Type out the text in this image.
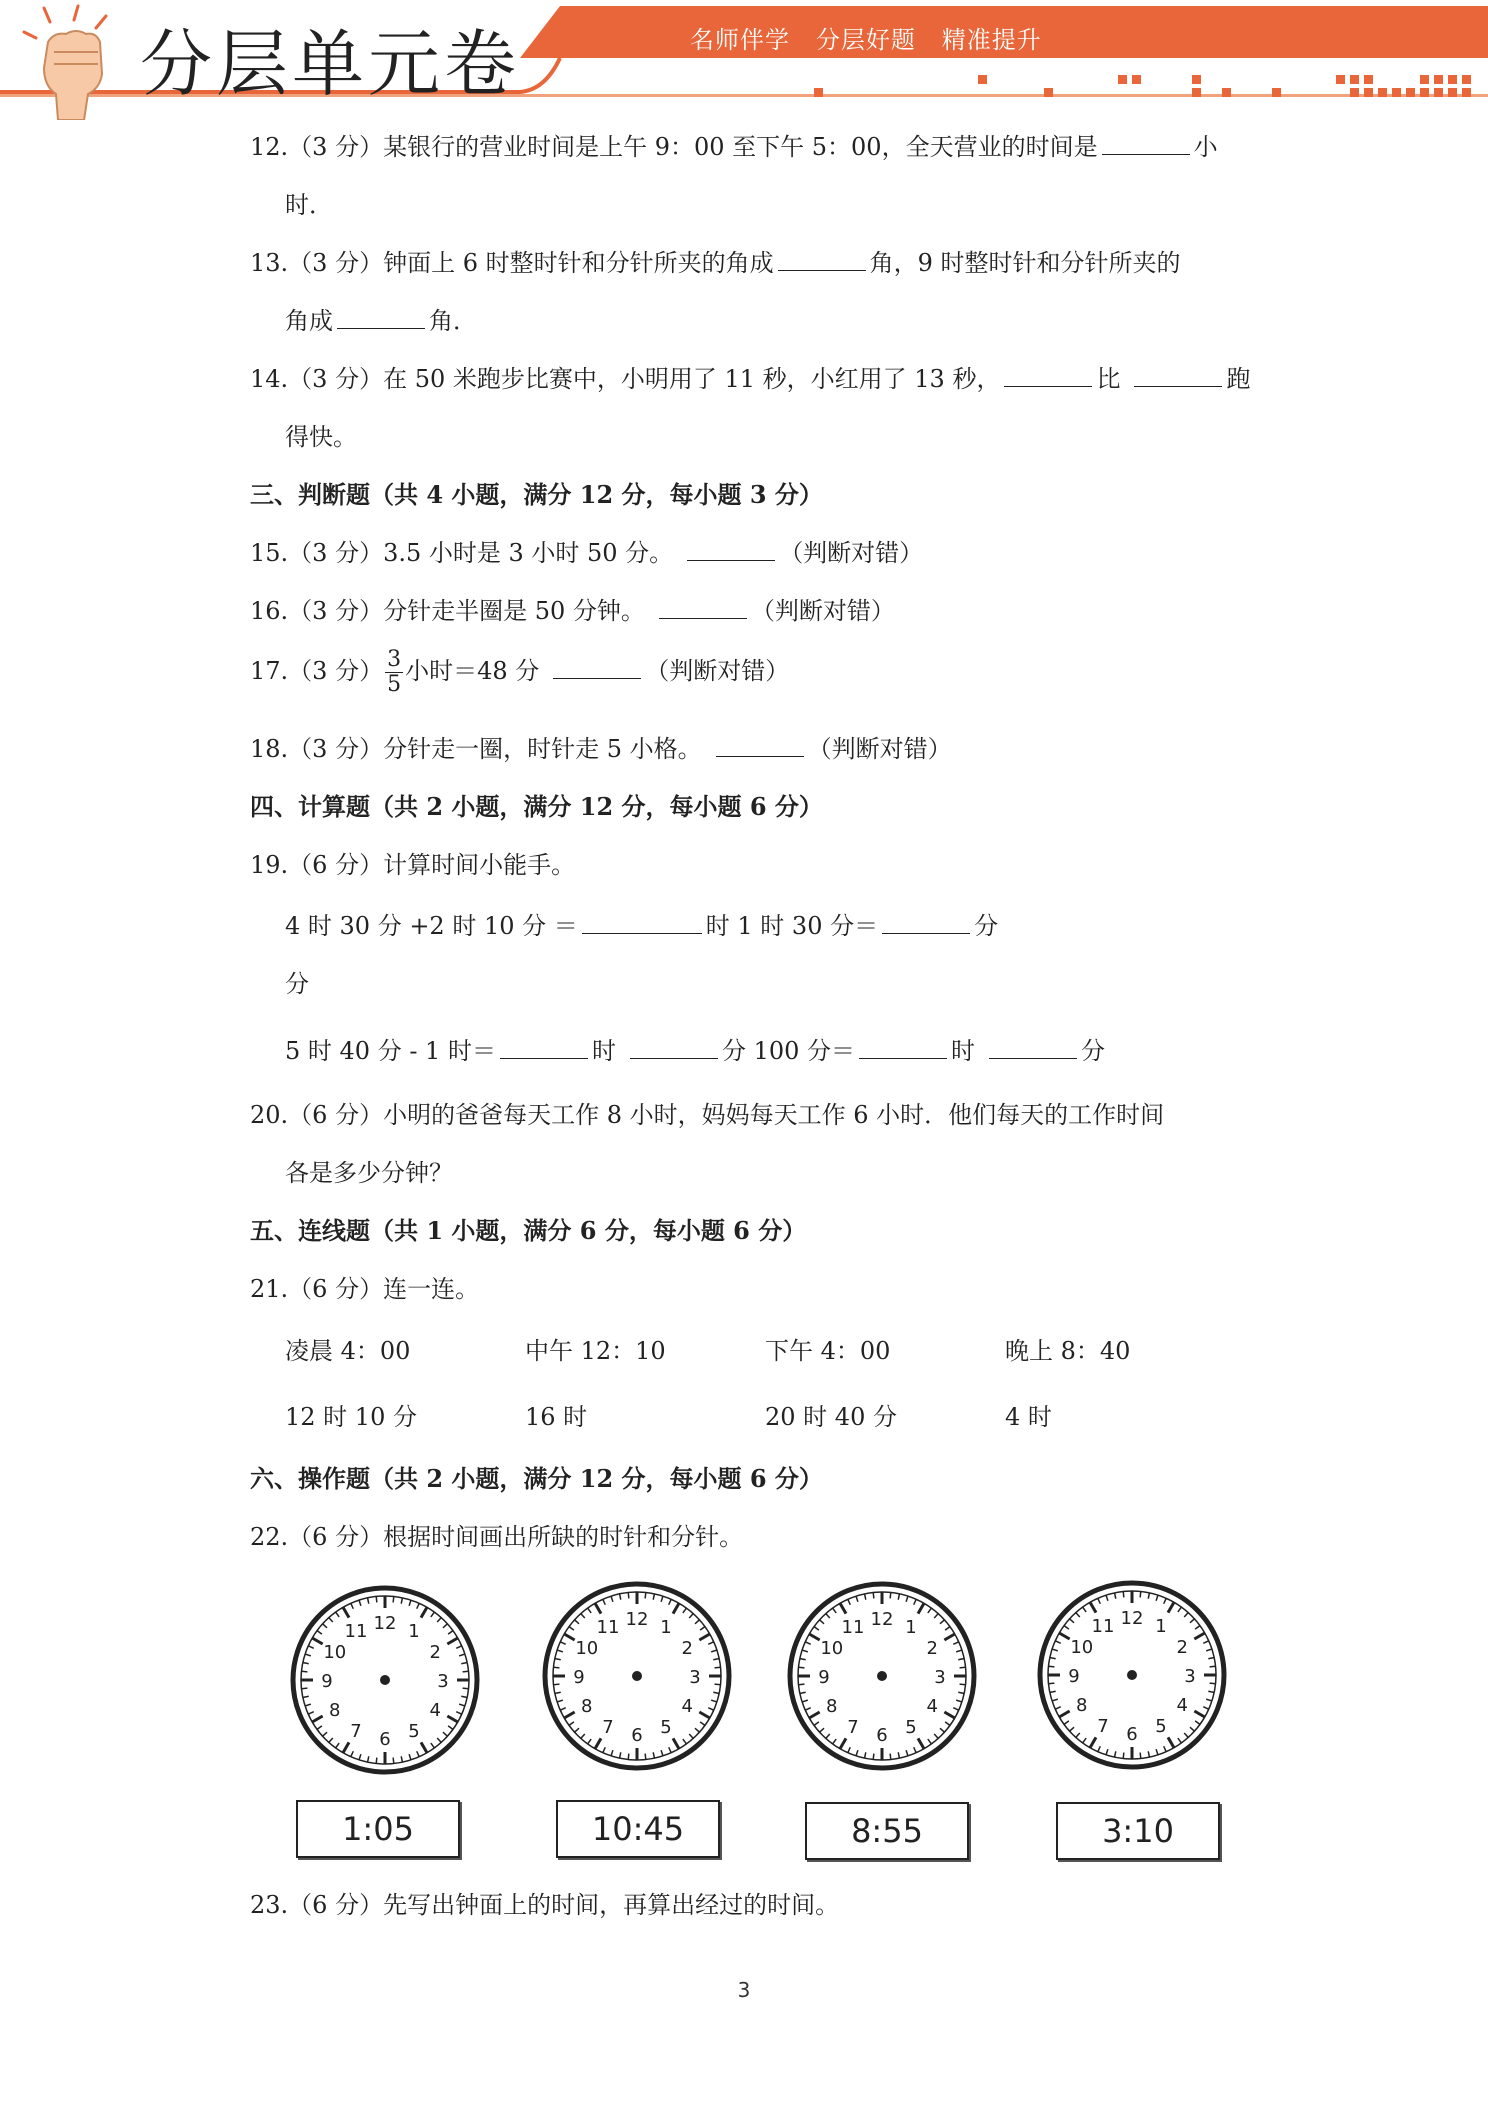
分层单元卷	名师伴学   分层好题   精准提升
12.（3 分）某银行的营业时间是上午 9：00 至下午 5：00，全天营业的时间是	小
时．
13.（3 分）钟面上 6 时整时针和分针所夹的角成	角，9 时整时针和分针所夹的
角成	角．
14.（3 分）在 50 米跑步比赛中，小明用了 11 秒，小红用了 13 秒，	比	跑
得快。
三、判断题（共 4 小题，满分 12 分，每小题 3 分）
15.（3 分）3.5 小时是 3 小时 50 分。	（判断对错）
16.（3 分）分针走半圈是 50 分钟。	（判断对错）
17.（3 分） $\frac{3}{5}$ 小时＝48 分	（判断对错）
18.（3 分）分针走一圈，时针走 5 小格。	（判断对错）
四、计算题（共 2 小题，满分 12 分，每小题 6 分）
19.（6 分）计算时间小能手。
4 时 30 分 +2 时 10 分 ＝	时 1 时 30 分＝	分
分
5 时 40 分 - 1 时＝	时	分 100 分＝	时	分
20.（6 分）小明的爸爸每天工作 8 小时，妈妈每天工作 6 小时．他们每天的工作时间
各是多少分钟？
五、连线题（共 1 小题，满分 6 分，每小题 6 分）
21.（6 分）连一连。
凌晨 4：00	中午 12：10	下午 4：00	晚上 8：40
12 时 10 分	16 时	20 时 40 分	4 时
六、操作题（共 2 小题，满分 12 分，每小题 6 分）
22.（6 分）根据时间画出所缺的时针和分针。
1
2
3
4
5
6
7
8
9
10
11 12	1
2
3
4
5
6
7
8
9
10
11 12	1
2
3
4
5
6
7
8
9
10
11 12	1
2
3
4
5
6
7
8
9
10
11 12
1:05	10:45	8:55	3:10
23.（6 分）先写出钟面上的时间，再算出经过的时间。
3
